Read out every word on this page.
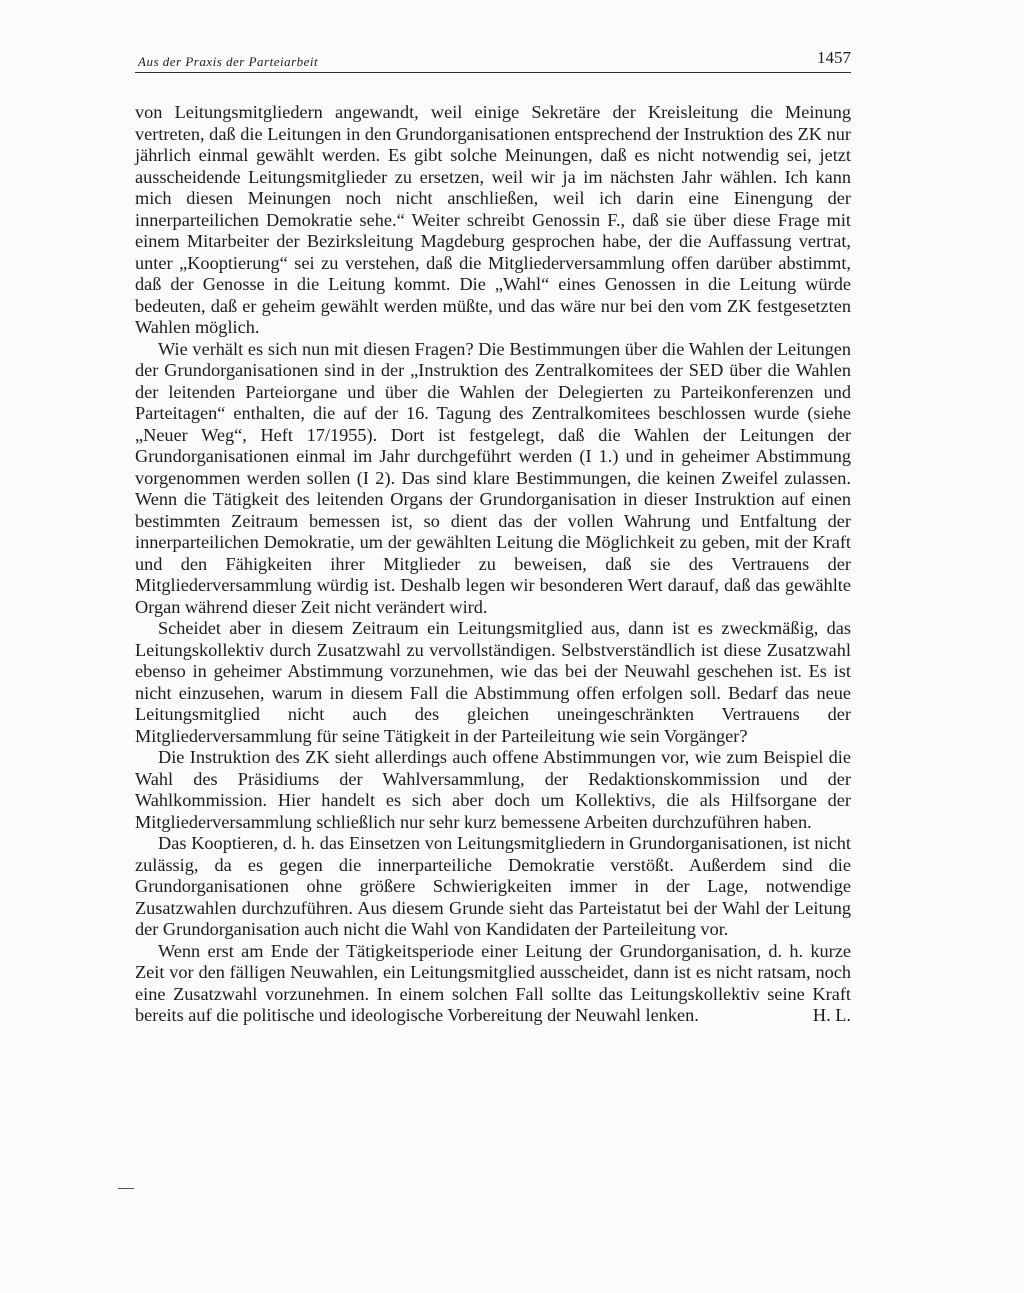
Aus der Praxis der Parteiarbeit	1457

von Leitungsmitgliedern angewandt, weil einige Sekretäre der Kreisleitung die Meinung vertreten, daß die Leitungen in den Grundorganisationen entsprechend der Instruktion des ZK nur jährlich einmal gewählt werden. Es gibt solche Meinungen, daß es nicht notwendig sei, jetzt ausscheidende Leitungsmitglieder zu ersetzen, weil wir ja im nächsten Jahr wählen. Ich kann mich diesen Meinungen noch nicht anschließen, weil ich darin eine Einengung der innerparteilichen Demokratie sehe.“ Weiter schreibt Genossin F., daß sie über diese Frage mit einem Mitarbeiter der Bezirksleitung Magdeburg gesprochen habe, der die Auffassung vertrat, unter „Kooptierung“ sei zu verstehen, daß die Mitgliederversammlung offen darüber abstimmt, daß der Genosse in die Leitung kommt. Die „Wahl“ eines Genossen in die Leitung würde bedeuten, daß er geheim gewählt werden müßte, und das wäre nur bei den vom ZK festgesetzten Wahlen möglich.

Wie verhält es sich nun mit diesen Fragen? Die Bestimmungen über die Wahlen der Leitungen der Grundorganisationen sind in der „Instruktion des Zentralkomitees der SED über die Wahlen der leitenden Parteiorgane und über die Wahlen der Delegierten zu Parteikonferenzen und Parteitagen“ enthalten, die auf der 16. Tagung des Zentralkomitees beschlossen wurde (siehe „Neuer Weg“, Heft 17/1955). Dort ist festgelegt, daß die Wahlen der Leitungen der Grundorganisationen einmal im Jahr durchgeführt werden (I 1.) und in geheimer Abstimmung vorgenommen werden sollen (I 2). Das sind klare Bestimmungen, die keinen Zweifel zulassen. Wenn die Tätigkeit des leitenden Organs der Grundorganisation in dieser Instruktion auf einen bestimmten Zeitraum bemessen ist, so dient das der vollen Wahrung und Entfaltung der innerparteilichen Demokratie, um der gewählten Leitung die Möglichkeit zu geben, mit der Kraft und den Fähigkeiten ihrer Mitglieder zu beweisen, daß sie des Vertrauens der Mitgliederversammlung würdig ist. Deshalb legen wir besonderen Wert darauf, daß das gewählte Organ während dieser Zeit nicht verändert wird.

Scheidet aber in diesem Zeitraum ein Leitungsmitglied aus, dann ist es zweckmäßig, das Leitungskollektiv durch Zusatzwahl zu vervollständigen. Selbstverständlich ist diese Zusatzwahl ebenso in geheimer Abstimmung vorzunehmen, wie das bei der Neuwahl geschehen ist. Es ist nicht einzusehen, warum in diesem Fall die Abstimmung offen erfolgen soll. Bedarf das neue Leitungsmitglied nicht auch des gleichen uneingeschränkten Vertrauens der Mitgliederversammlung für seine Tätigkeit in der Parteileitung wie sein Vorgänger?

Die Instruktion des ZK sieht allerdings auch offene Abstimmungen vor, wie zum Beispiel die Wahl des Präsidiums der Wahlversammlung, der Redaktionskommission und der Wahlkommission. Hier handelt es sich aber doch um Kollektivs, die als Hilfsorgane der Mitgliederversammlung schließlich nur sehr kurz bemessene Arbeiten durchzuführen haben.

Das Kooptieren, d. h. das Einsetzen von Leitungsmitgliedern in Grundorganisationen, ist nicht zulässig, da es gegen die innerparteiliche Demokratie verstößt. Außerdem sind die Grundorganisationen ohne größere Schwierigkeiten immer in der Lage, notwendige Zusatzwahlen durchzuführen. Aus diesem Grunde sieht das Parteistatut bei der Wahl der Leitung der Grundorganisation auch nicht die Wahl von Kandidaten der Parteileitung vor.

Wenn erst am Ende der Tätigkeitsperiode einer Leitung der Grundorganisation, d. h. kurze Zeit vor den fälligen Neuwahlen, ein Leitungsmitglied ausscheidet, dann ist es nicht ratsam, noch eine Zusatzwahl vorzunehmen. In einem solchen Fall sollte das Leitungskollektiv seine Kraft bereits auf die politische und ideologische Vorbereitung der Neuwahl lenken.	H. L.
